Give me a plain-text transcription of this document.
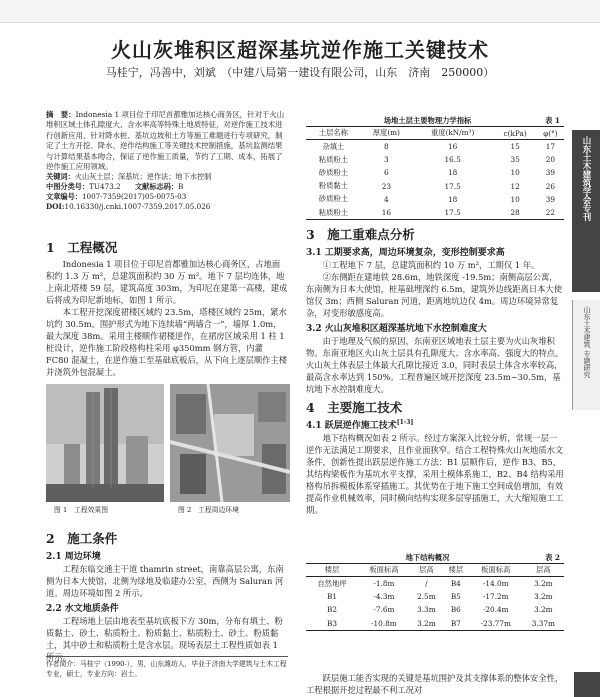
火山灰堆积区超深基坑逆作施工关键技术
马桂宁，冯善中，刘斌　（中建八局第一建设有限公司，山东　济南　250000）
摘　要：Indonesia 1 项目位于印尼首都雅加达核心商务区，针对于火山堆积区域土体孔隙度大、含水率高等特殊土地质特征，对逆作施工技术进行创新应用，针对降水桩、基坑边坡和土方等施工难题进行专项研究，制定了土方开挖、降水、逆作结构施工等关键技术控制措施，基坑监测结果与计算结果基本吻合，保证了逆作施工质量，节约了工期、成本，拓展了逆作施工应用领域。
关键词：火山灰土层；深基坑；逆作法；地下水控制
中图分类号：TU473.2　　 文献标志码：B
文章编号：1007-7359(2017)05-0075-03
DOI:10.16330/j.cnki.1007-7359.2017.05.026
1　工程概况

Indonesia 1 项目位于印尼首都雅加达核心商务区，占地面积约 1.3 万 m²，总建筑面积约 30 万 m²。地下 7 层均连体，地上南北塔楼 59 层，建筑高度 303m，为印尼在建第一高楼，建成后将成为印尼新地标，如图 1 所示。

本工程开挖深度裙楼区域约 23.5m，塔楼区域约 25m，紧水坑约 30.5m。围护形式为地下连续墙“两墙合一”，墙厚 1.0m，最大深度 38m。采用主楼顺作裙楼逆作，在裙房区域采用 1 柱 1 桩设计，逆作施工阶段格构柱采用 φ350mm 钢方管，内灌 FC80 混凝土，在逆作施工至基础底板后，从下向上逐层顺作主楼并浇筑外包混凝土。

图 1　工程效果图	图 2　工程周边环境
2　施工条件
2.1 周边环境

工程东临交通主干道 thamrin street，南靠高层公寓，东南侧为日本大使馆，北侧为绿地及临建办公室，西侧为 Saluran 河道。周边环境如图 2 所示。

2.2 水文地质条件

工程场地上层由地表至基坑底板下方 30m，分布有填土、粉质黏土、砂土、粘质粉土、粉质黏土、粘质粉土、砂土、粉质黏土，其中砂土和粘质粉土是含水层。现场表层土工程性质如表 1 所示。

作者简介：马桂宁（1990-），男，山东潍坊人，毕业于济南大学建筑与土木工程专业，硕士，专业方向：岩土。
场地土层主要物理力学指标	表 1
土层名称	厚度(m)	重度(kN/m³)	c(kPa)	φ(°)
杂填土	8	16	15	17
粘质粉土	3	16.5	35	20
砂质粉土	6	18	10	39
粉质黏土	23	17.5	12	26
砂质粉土	4	18	10	39
粘质粉土	16	17.5	28	22
3　施工重难点分析
3.1 工期要求高，周边环境复杂，变形控制要求高

①工程地下 7 层，总建筑面积约 10 万 m²，工期仅 1 年。

②东侧距在建地铁 28.6m，地铁深度 -19.5m；南侧高层公寓，东南侧为日本大使馆，桩基础埋深约 6.5m，建筑外边线距离日本大使馆仅 3m；西侧 Saluran 河道，距离地坑边仅 4m。周边环境异常复杂，对变形敏感度高。

3.2 火山灰堆积区超深基坑地下水控制难度大

由于地理及气候的原因，东南亚区域地表土层主要为火山灰堆积物。东南亚地区火山灰土层具有孔隙度大、含水率高、强度大的特点。火山灰土体表层土体最大孔隙比接近 3.0，同时表层土体含水率较高，最高含水率达到 150%。工程普遍区域开挖深度 23.5m~30.5m，基坑地下水控制难度大。

4　主要施工技术
4.1 跃层逆作施工技术[1-3]

地下结构概况如表 2 所示。经过方案深入比较分析，常规一层一逆作无法满足工期要求，且作业面狭窄。结合工程特殊火山灰地质水文条件，创新性提出跃层逆作施工方法：B1 层顺作后，逆作 B3、B5，其结构梁板作为基坑水平支撑，采用土模体系施工，B2、B4 结构采用格构吊拆模板体系穿插施工。其优势在于地下施工空间成倍增加，有效提高作业机械效率，同时横向结构实现多层穿插施工，大大缩短施工工期。

地下结构概况	表 2
楼层	板面标高	层高	楼层	板面标高	层高
自然地坪	-1.8m	/	B4	-14.0m	3.2m
B1	-4.3m	2.5m	B5	-17.2m	3.2m
B2	-7.6m	3.3m	B6	-20.4m	3.2m
B3	-10.8m	3.2m	B7	-23.77m	3.37m

跃层施工能否实现的关键是基坑围护及其支撑体系的整体安全性，工程根据开挖过程最不利工况对

山东土木建筑学会专刊
山东土木建筑 专题研究
